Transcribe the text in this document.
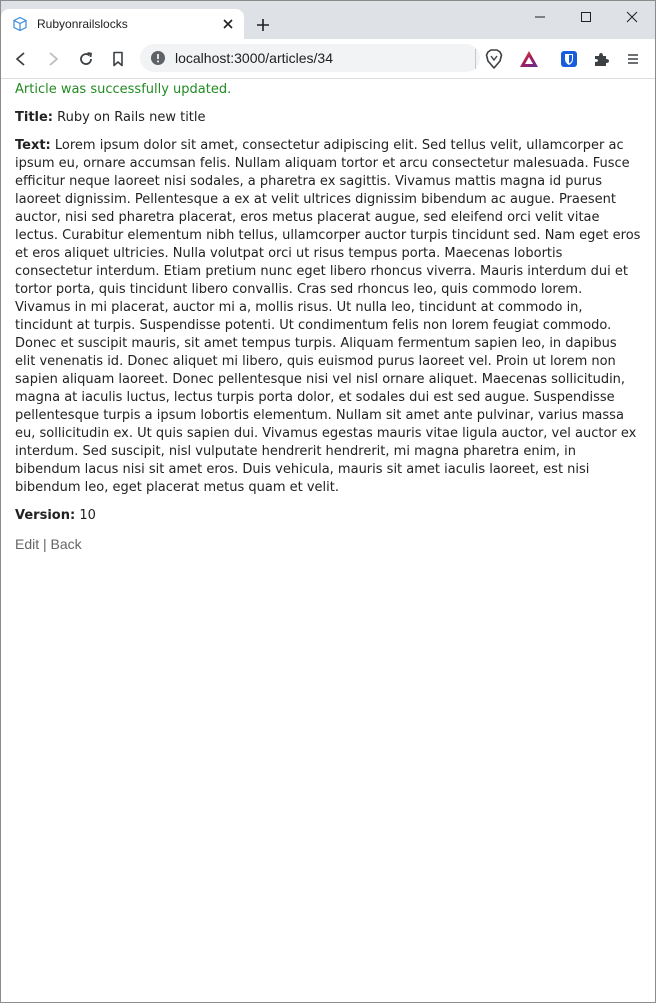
Rubyonrailslocks
localhost:3000/articles/34

Article was successfully updated.

Title: Ruby on Rails new title

Text: Lorem ipsum dolor sit amet, consectetur adipiscing elit. Sed tellus velit, ullamcorper ac ipsum eu, ornare accumsan felis. Nullam aliquam tortor et arcu consectetur malesuada. Fusce efficitur neque laoreet nisi sodales, a pharetra ex sagittis. Vivamus mattis magna id purus laoreet dignissim. Pellentesque a ex at velit ultrices dignissim bibendum ac augue. Praesent auctor, nisi sed pharetra placerat, eros metus placerat augue, sed eleifend orci velit vitae lectus. Curabitur elementum nibh tellus, ullamcorper auctor turpis tincidunt sed. Nam eget eros et eros aliquet ultricies. Nulla volutpat orci ut risus tempus porta. Maecenas lobortis consectetur interdum. Etiam pretium nunc eget libero rhoncus viverra. Mauris interdum dui et tortor porta, quis tincidunt libero convallis. Cras sed rhoncus leo, quis commodo lorem. Vivamus in mi placerat, auctor mi a, mollis risus. Ut nulla leo, tincidunt at commodo in, tincidunt at turpis. Suspendisse potenti. Ut condimentum felis non lorem feugiat commodo. Donec et suscipit mauris, sit amet tempus turpis. Aliquam fermentum sapien leo, in dapibus elit venenatis id. Donec aliquet mi libero, quis euismod purus laoreet vel. Proin ut lorem non sapien aliquam laoreet. Donec pellentesque nisi vel nisl ornare aliquet. Maecenas sollicitudin, magna at iaculis luctus, lectus turpis porta dolor, et sodales dui est sed augue. Suspendisse pellentesque turpis a ipsum lobortis elementum. Nullam sit amet ante pulvinar, varius massa eu, sollicitudin ex. Ut quis sapien dui. Vivamus egestas mauris vitae ligula auctor, vel auctor ex interdum. Sed suscipit, nisl vulputate hendrerit hendrerit, mi magna pharetra enim, in bibendum lacus nisi sit amet eros. Duis vehicula, mauris sit amet iaculis laoreet, est nisi bibendum leo, eget placerat metus quam et velit.

Version: 10

Edit | Back
